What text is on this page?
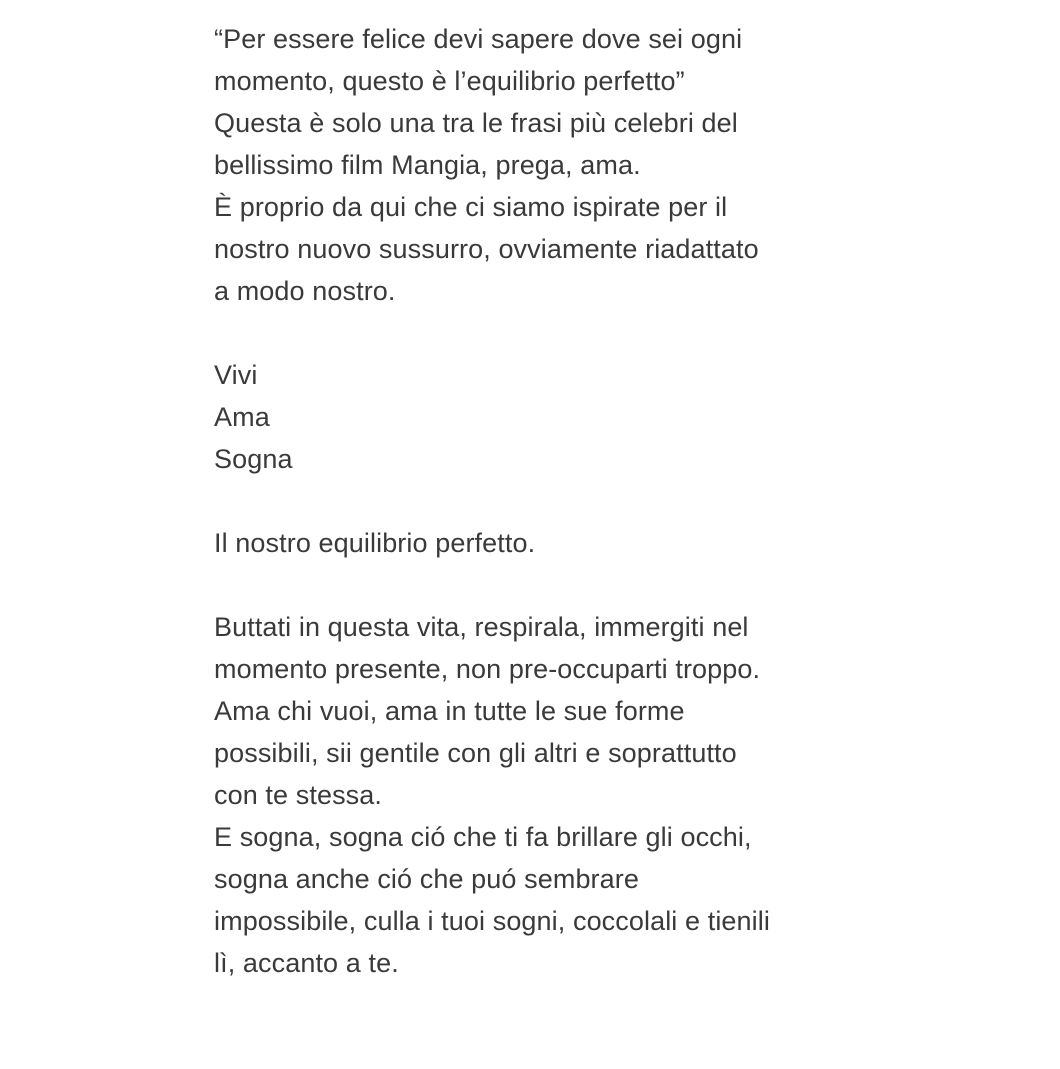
“Per essere felice devi sapere dove sei ogni
momento, questo è l’equilibrio perfetto”
Questa è solo una tra le frasi più celebri del
bellissimo film Mangia, prega, ama.
È proprio da qui che ci siamo ispirate per il
nostro nuovo sussurro, ovviamente riadattato
a modo nostro.
Vivi
Ama
Sogna
Il nostro equilibrio perfetto.
Buttati in questa vita, respirala, immergiti nel
momento presente, non pre-occuparti troppo.
Ama chi vuoi, ama in tutte le sue forme
possibili, sii gentile con gli altri e soprattutto
con te stessa.
E sogna, sogna ció che ti fa brillare gli occhi,
sogna anche ció che puó sembrare
impossibile, culla i tuoi sogni, coccolali e tienili
lì, accanto a te.
